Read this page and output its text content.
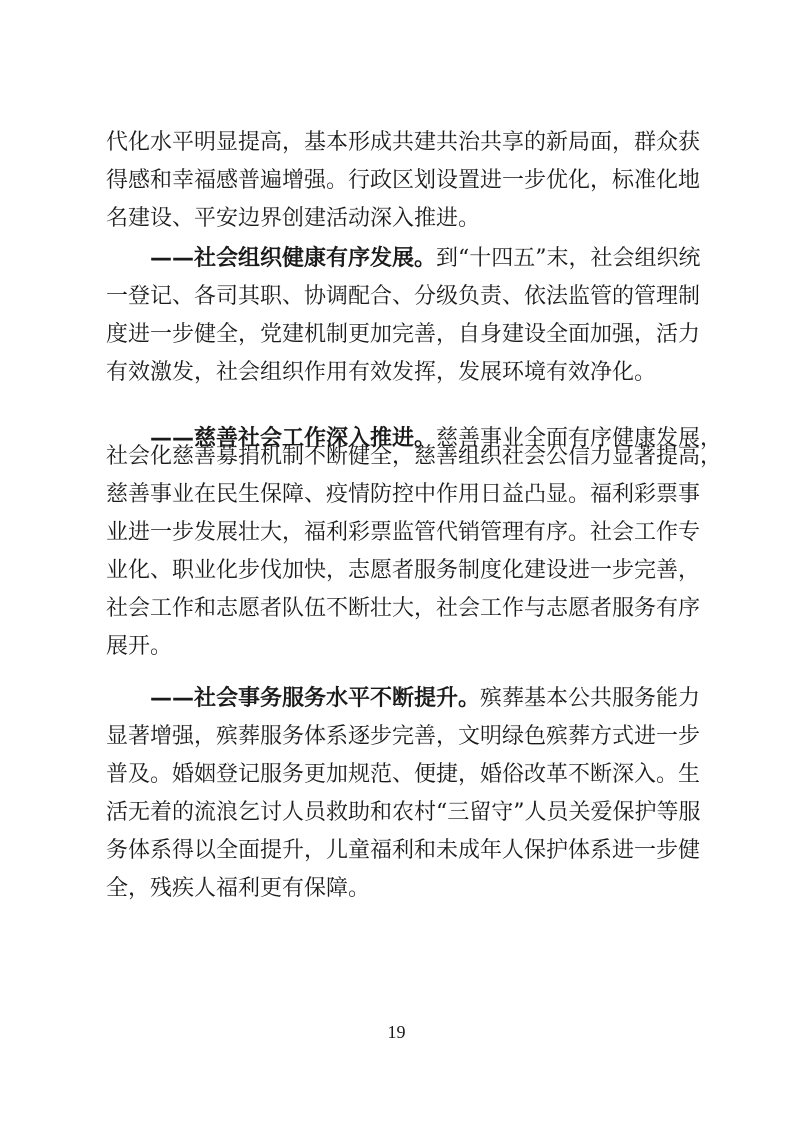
代化水平明显提高，基本形成共建共治共享的新局面，群众获

得感和幸福感普遍增强。行政区划设置进一步优化，标准化地

名建设、平安边界创建活动深入推进。

——社会组织健康有序发展。到“十四五”末，社会组织统

一登记、各司其职、协调配合、分级负责、依法监管的管理制

度进一步健全，党建机制更加完善，自身建设全面加强，活力

有效激发，社会组织作用有效发挥，发展环境有效净化。

——慈善社会工作深入推进。慈善事业全面有序健康发展，

社会化慈善募捐机制不断健全，慈善组织社会公信力显著提高，

慈善事业在民生保障、疫情防控中作用日益凸显。福利彩票事

业进一步发展壮大，福利彩票监管代销管理有序。社会工作专

业化、职业化步伐加快，志愿者服务制度化建设进一步完善，

社会工作和志愿者队伍不断壮大，社会工作与志愿者服务有序

展开。

——社会事务服务水平不断提升。殡葬基本公共服务能力

显著增强，殡葬服务体系逐步完善，文明绿色殡葬方式进一步

普及。婚姻登记服务更加规范、便捷，婚俗改革不断深入。生

活无着的流浪乞讨人员救助和农村“三留守”人员关爱保护等服

务体系得以全面提升，儿童福利和未成年人保护体系进一步健

全，残疾人福利更有保障。

19
